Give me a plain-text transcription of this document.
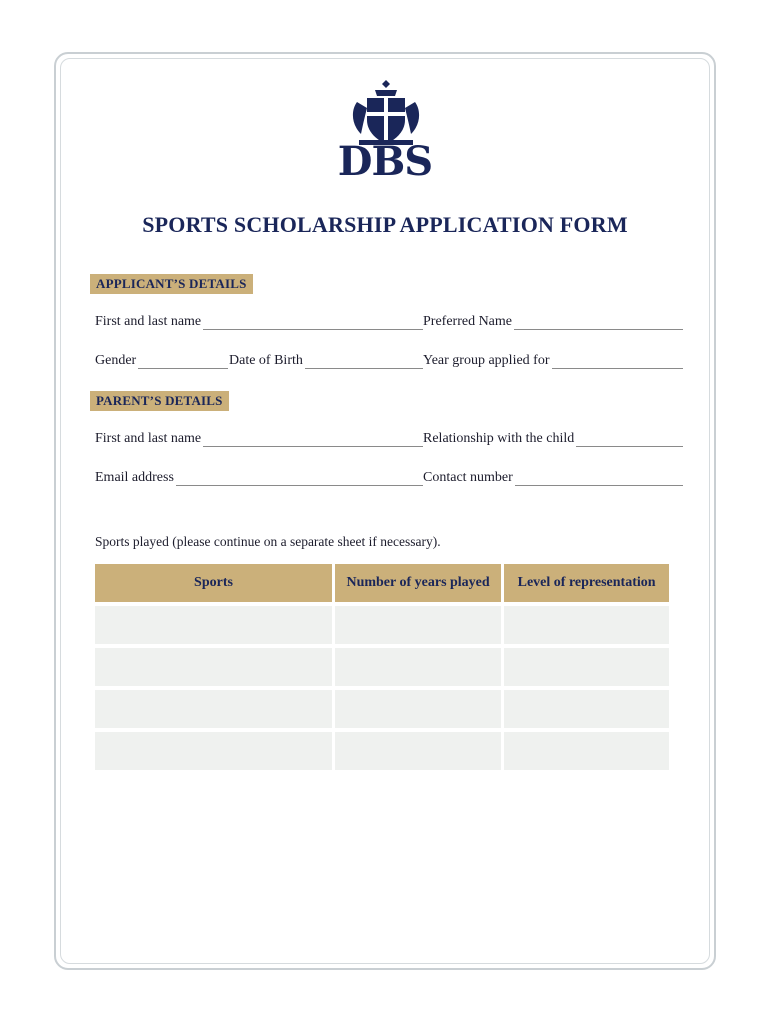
DBS
SPORTS SCHOLARSHIP APPLICATION FORM
APPLICANT’S DETAILS
First and last name	Preferred Name
Gender	Date of Birth	Year group applied for
PARENT’S DETAILS
First and last name	Relationship with the child
Email address	Contact number
Sports played (please continue on a separate sheet if necessary).
Sports	Number of years played	Level of representation
